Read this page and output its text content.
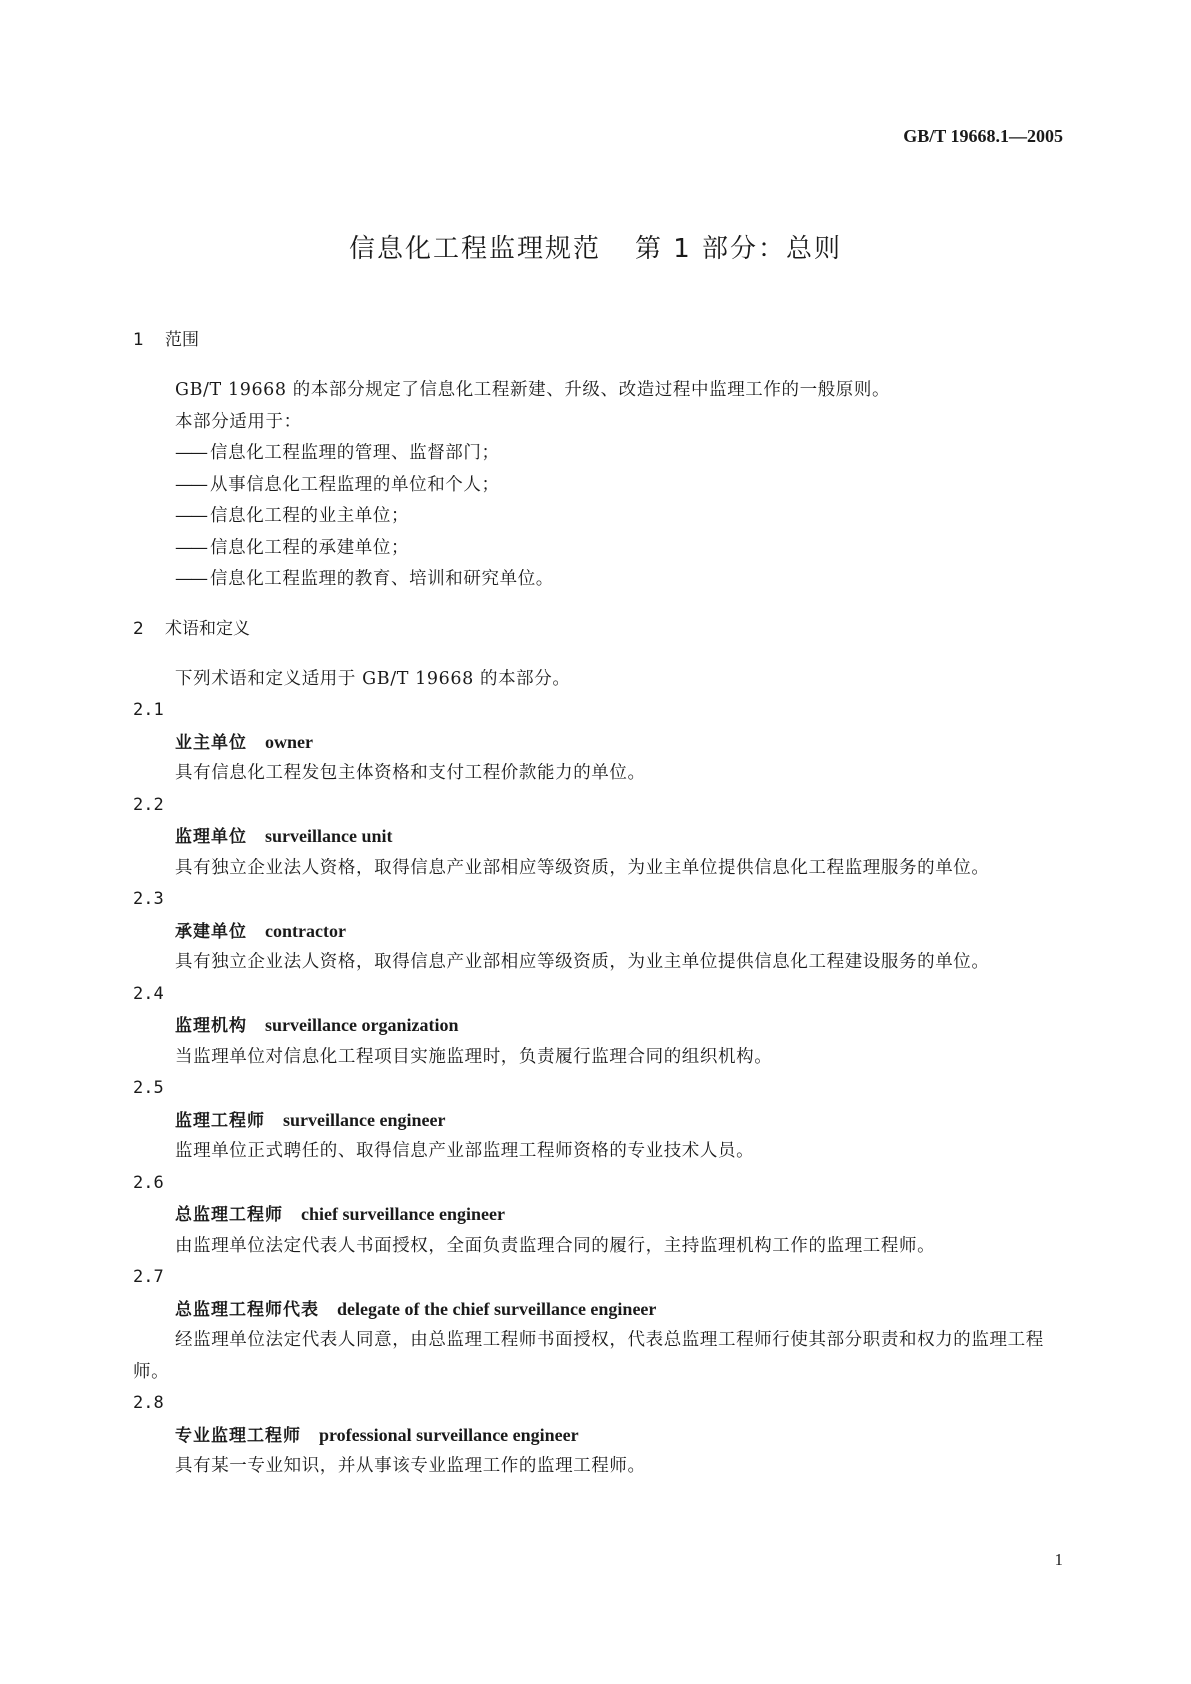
GB/T 19668.1—2005
信息化工程监理规范 第 1 部分：总则
1 范围
GB/T 19668 的本部分规定了信息化工程新建、升级、改造过程中监理工作的一般原则。
本部分适用于：
—— 信息化工程监理的管理、监督部门；
—— 从事信息化工程监理的单位和个人；
—— 信息化工程的业主单位；
—— 信息化工程的承建单位；
—— 信息化工程监理的教育、培训和研究单位。
2 术语和定义
下列术语和定义适用于 GB/T 19668 的本部分。
2.1
业主单位 owner
具有信息化工程发包主体资格和支付工程价款能力的单位。
2.2
监理单位 surveillance unit
具有独立企业法人资格，取得信息产业部相应等级资质，为业主单位提供信息化工程监理服务的单位。
2.3
承建单位 contractor
具有独立企业法人资格，取得信息产业部相应等级资质，为业主单位提供信息化工程建设服务的单位。
2.4
监理机构 surveillance organization
当监理单位对信息化工程项目实施监理时，负责履行监理合同的组织机构。
2.5
监理工程师 surveillance engineer
监理单位正式聘任的、取得信息产业部监理工程师资格的专业技术人员。
2.6
总监理工程师 chief surveillance engineer
由监理单位法定代表人书面授权，全面负责监理合同的履行，主持监理机构工作的监理工程师。
2.7
总监理工程师代表 delegate of the chief surveillance engineer
经监理单位法定代表人同意，由总监理工程师书面授权，代表总监理工程师行使其部分职责和权力的监理工程师。
2.8
专业监理工程师 professional surveillance engineer
具有某一专业知识，并从事该专业监理工作的监理工程师。
1
